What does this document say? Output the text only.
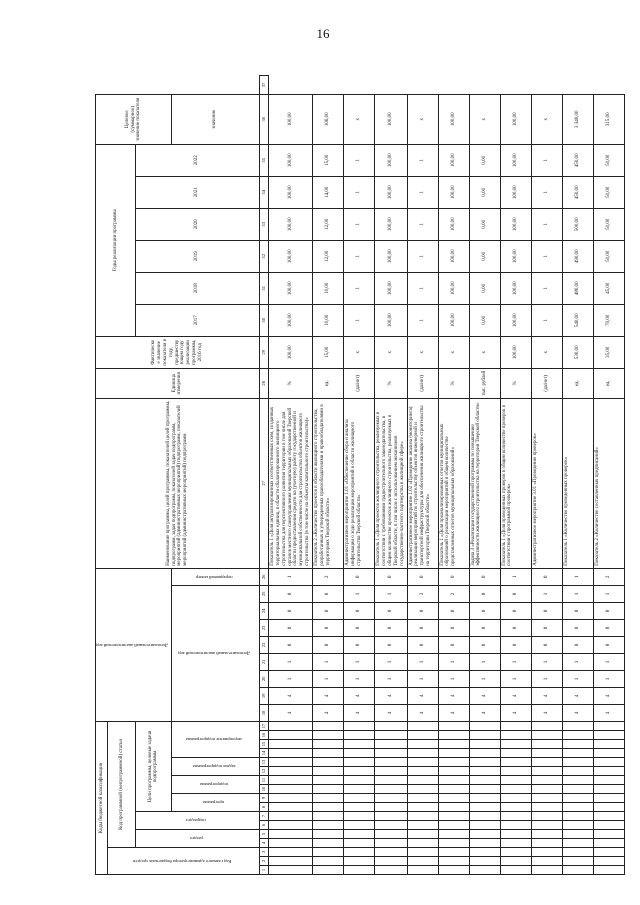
16
Коды бюджетной классификации																	Дополнительный аналитический код									Наименование программы, целей программы, показателей целей программы, подпрограмм, задач подпрограмм, показателей задач подпрограмм, мероприятий (административных мероприятий) подпрограмм, показателей мероприятий (административных мероприятий) подпрограмм	Единица измерения	Фактическое значение показателя в году, предшествующем году реализации программы, 2016 год	Годы реализации программы						Целевое (суммарное) значение показателя	
Код главного администратора бюджетных средств			Код программной (непрограммной) статьи																																	
			раздел		подраздел		Цели программы, целевые задачи подпрограммы																						2017	2018	2019	2020	2021	2022		
							программа		подпрограмма		задача подпрограммы		мероприятие подпрограммы				Дополнительный аналитический код								порядковый номер										значение	
1	2	3	4	5	6	7	8	9	10	11	12	13	14	15	16	17	18	19	20	21	22	23	24	25	26	27	28	29	30	31	32	33	34	35	36	37
																	4	4	1	1	0	0	0	0	1	Показатель 1 «Доля актуализированных соответственных схем, созданных территориальных единиц, в области сбалансированного жилищного строительства для перспективного развития территории в том числе для органов местного самоуправления муниципальных образований Тверской области предоставления средств на (учетную) работу государственной и муниципальной собственности для строительства объектов жилищного строительства (в том числе на объекты капитального строительства)»	%	100,00	100,00	100,00	100,00	100,00	100,00	100,00	100,00	
																	4	4	1	1	0	0	0	0	2	Показатель 2 «Количество проектов в области жилищного строительства, разработанных и утвержденных правообладателями и правообладателями в территориях Тверской области»	ед.	15,00	10,00	10,00	12,00	12,00	14,00	15,00	106,00	
																	4	4	1	1	0	0	0	1	0	Административное мероприятие 1.01 «Обеспечение сбора и анализа информации о ходе реализации мероприятий в области жилищного строительства Тверской области»	(да/нет)	х	1	1	1	1	1	1	х	
																	4	4	1	1	0	0	0	1	0	Показатель 1 «Доля проектов жилищного строительства, реализуемых в соответствии с требованиями градостроительного законодательства, в общем количестве проектов жилищного строительства, реализуемых в Тверской области, в том числе с использованием механизмов государственно-частного партнерства в жилищной сфере»	%	х	100,00	100,00	100,00	100,00	100,00	100,00	100,00	
																	4	4	1	1	0	0	0	2	0	Административное мероприятие 1.02 «Проведение анализа (мониторинга) реализации мероприятий по строительству объектов инженерной и транспортной инфраструктуры для обеспечения жилищного строительства на территории Тверской области»	(да/нет)	х	1	1	1	1	1	1	х	
																	4	4	1	1	0	0	0	2	0	Показатель 1 «Доля проанализированных отчетов муниципальных образований о реализации мероприятий в общем количестве представленных отчетов муниципальных образований»	%	х	100,00	100,00	100,00	100,00	100,00	100,00	100,00	
																	4	4	1	1	0	0	0	0	0	Задача 3 «Реализация государственной программы по повышению эффективности жилищного строительства на территории Тверской области»	тыс. рублей	х	0,00	0,00	0,00	0,00	0,00	0,00	х	
																	4	4	1	1	0	0	0	0	1	Показатель 1 «Доля проведенных проверок в общем количестве проверок в соответствии с программой проверок»	%	100,00	100,00	100,00	100,00	100,00	100,00	100,00	100,00	
																	4	4	1	1	0	0	0	1	0	Административное мероприятие 3.01 «Проведение проверок»	(да/нет)	х	1	1	1	1	1	1	х	
																	4	4	1	1	0	0	0	1	1	Показатель 1 «Количество проведенных проверок»	ед.	530,00	540,00	480,00	490,00	500,00	450,00	450,00	3 340,00	
																	4	4	1	1	0	0	0	1	2	Показатель 2 «Количество составленных предписаний»	ед.	35,00	70,00	45,00	50,00	50,00	50,00	50,00	315,00	
